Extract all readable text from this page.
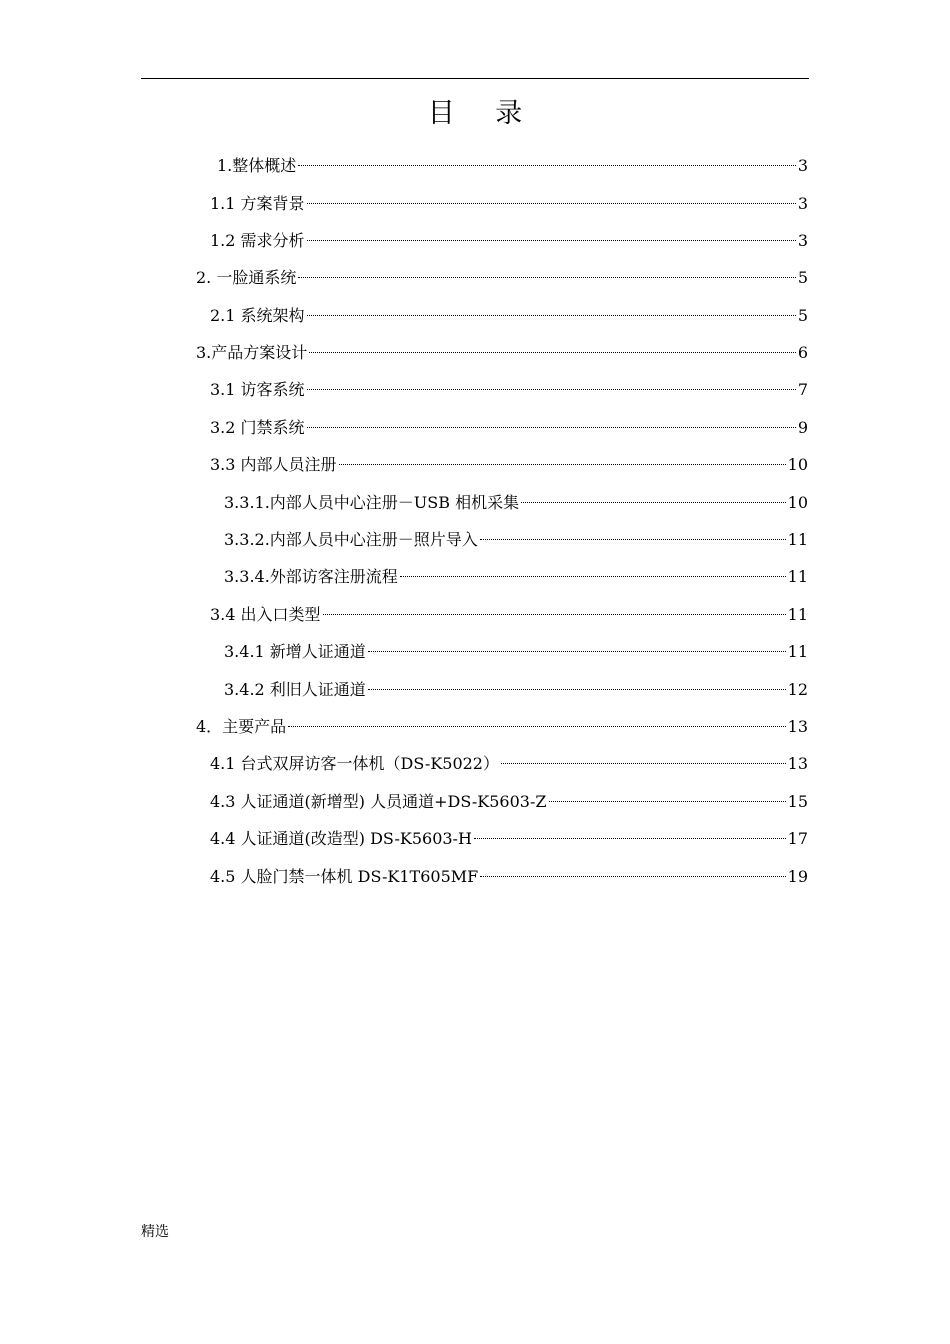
目 录
1.整体概述	3
1.1 方案背景	3
1.2 需求分析	3
2. 一脸通系统	5
2.1 系统架构	5
3.产品方案设计	6
3.1 访客系统	7
3.2 门禁系统	9
3.3 内部人员注册	10
3.3.1.内部人员中心注册－USB 相机采集	10
3.3.2.内部人员中心注册－照片导入	11
3.3.4.外部访客注册流程	11
3.4 出入口类型	11
3.4.1 新增人证通道	11
3.4.2 利旧人证通道	12
4．主要产品	13
4.1 台式双屏访客一体机（DS-K5022）	13
4.3 人证通道(新增型) 人员通道+DS-K5603-Z	15
4.4 人证通道(改造型) DS-K5603-H	17
4.5 人脸门禁一体机 DS-K1T605MF	19
精选
